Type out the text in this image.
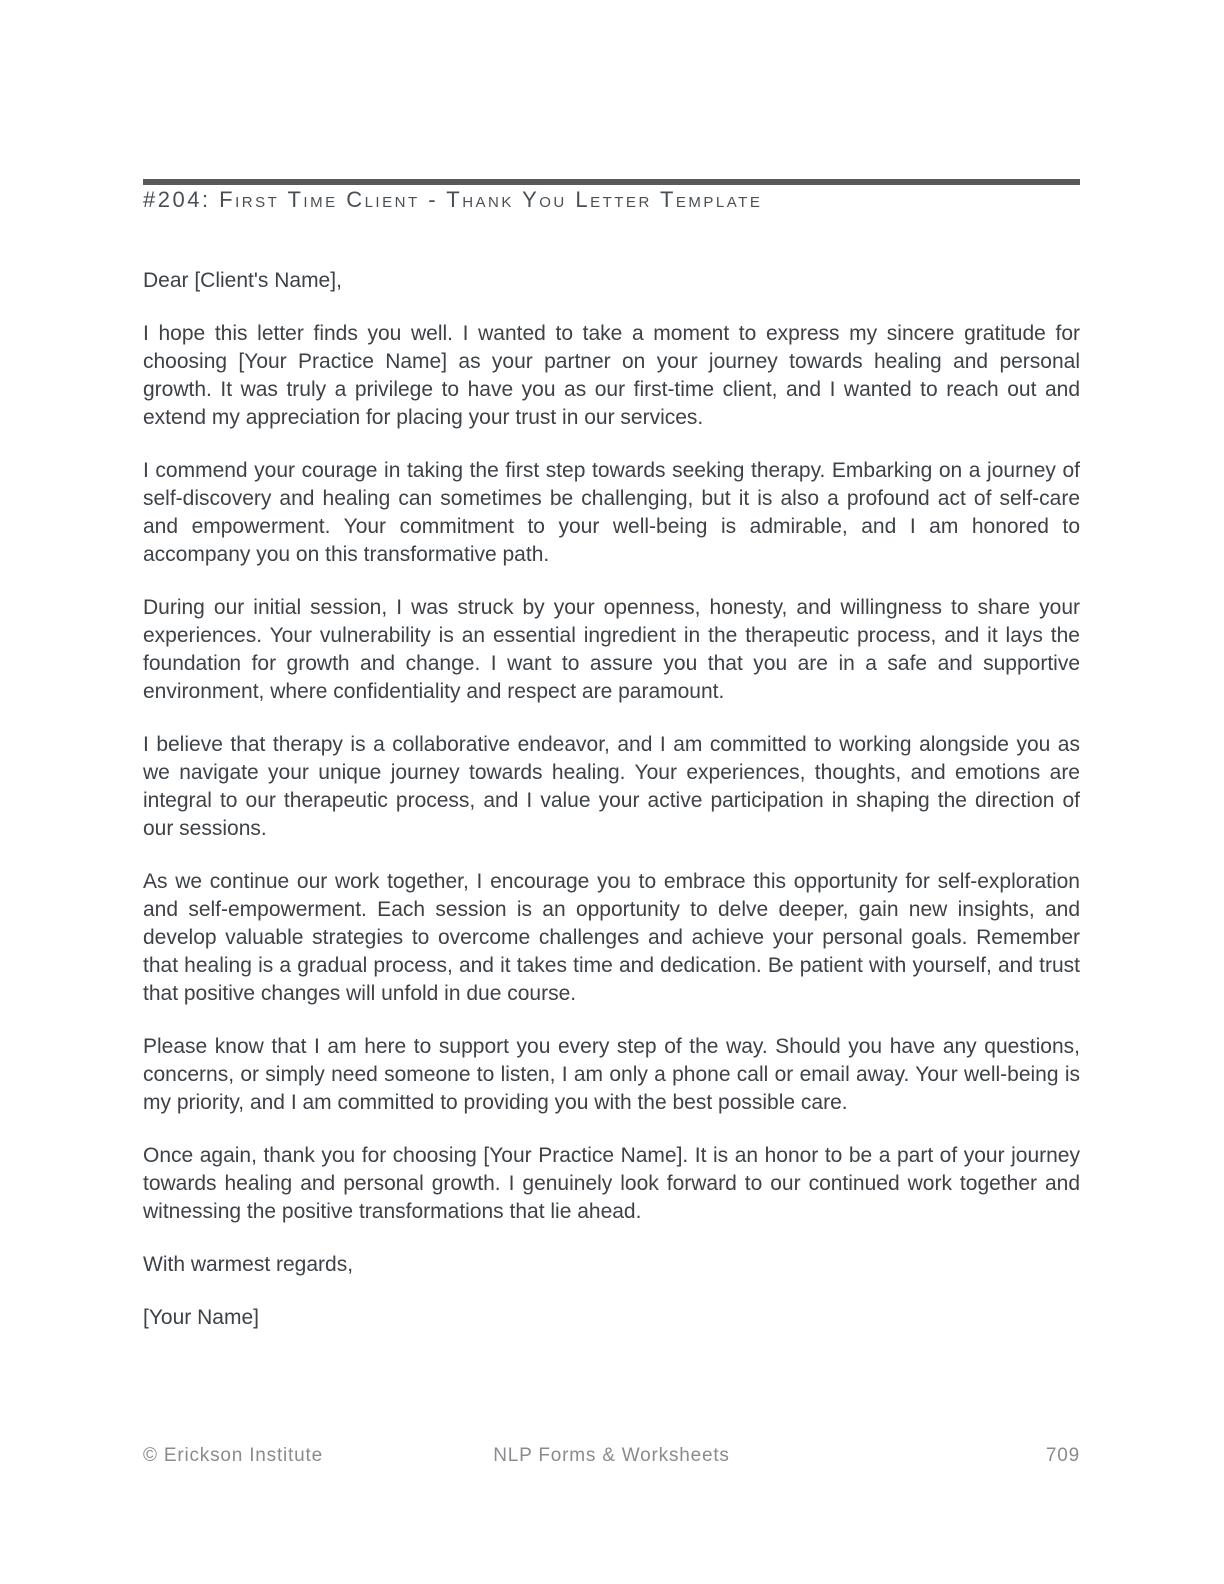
#204: First Time Client - Thank You Letter Template

Dear [Client's Name],

I hope this letter finds you well. I wanted to take a moment to express my sincere gratitude for choosing [Your Practice Name] as your partner on your journey towards healing and personal growth. It was truly a privilege to have you as our first-time client, and I wanted to reach out and extend my appreciation for placing your trust in our services.

I commend your courage in taking the first step towards seeking therapy. Embarking on a journey of self-discovery and healing can sometimes be challenging, but it is also a profound act of self-care and empowerment. Your commitment to your well-being is admirable, and I am honored to accompany you on this transformative path.

During our initial session, I was struck by your openness, honesty, and willingness to share your experiences. Your vulnerability is an essential ingredient in the therapeutic process, and it lays the foundation for growth and change. I want to assure you that you are in a safe and supportive environment, where confidentiality and respect are paramount.

I believe that therapy is a collaborative endeavor, and I am committed to working alongside you as we navigate your unique journey towards healing. Your experiences, thoughts, and emotions are integral to our therapeutic process, and I value your active participation in shaping the direction of our sessions.

As we continue our work together, I encourage you to embrace this opportunity for self-exploration and self-empowerment. Each session is an opportunity to delve deeper, gain new insights, and develop valuable strategies to overcome challenges and achieve your personal goals. Remember that healing is a gradual process, and it takes time and dedication. Be patient with yourself, and trust that positive changes will unfold in due course.

Please know that I am here to support you every step of the way. Should you have any questions, concerns, or simply need someone to listen, I am only a phone call or email away. Your well-being is my priority, and I am committed to providing you with the best possible care.

Once again, thank you for choosing [Your Practice Name]. It is an honor to be a part of your journey towards healing and personal growth. I genuinely look forward to our continued work together and witnessing the positive transformations that lie ahead.

With warmest regards,

[Your Name]

© Erickson Institute	NLP Forms & Worksheets	709
